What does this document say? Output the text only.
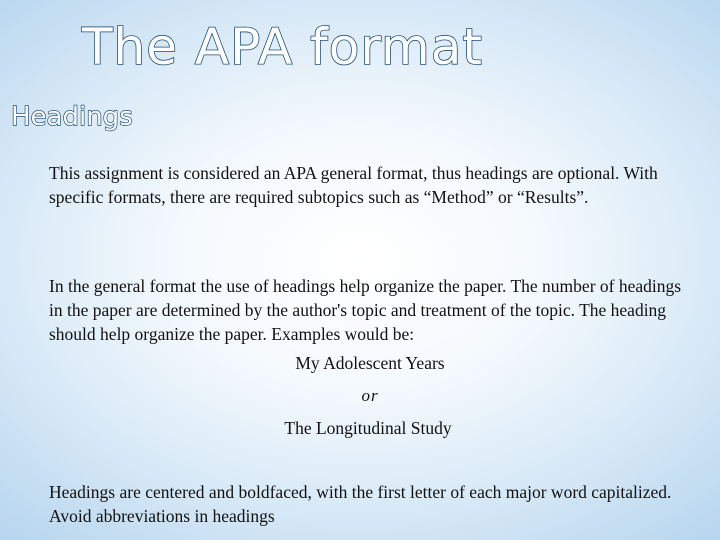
The APA format
Headings

This assignment is considered an APA general format, thus headings are optional. With specific formats, there are required subtopics such as “Method” or “Results”.

In the general format the use of headings help organize the paper. The number of headings in the paper are determined by the author's topic and treatment of the topic. The heading should help organize the paper. Examples would be:

My Adolescent Years

or

The Longitudinal Study

Headings are centered and boldfaced, with the first letter of each major word capitalized. Avoid abbreviations in headings
